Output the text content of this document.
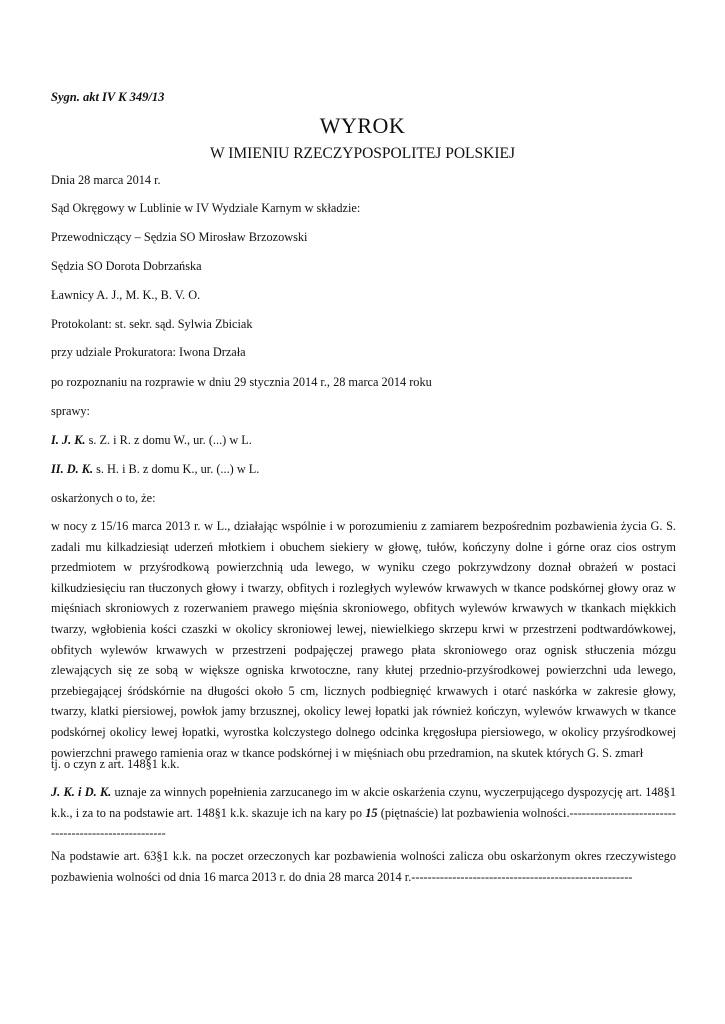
Sygn. akt IV K 349/13
WYROK
W IMIENIU RZECZYPOSPOLITEJ POLSKIEJ
Dnia 28 marca 2014 r.
Sąd Okręgowy w Lublinie w IV Wydziale Karnym w składzie:
Przewodniczący – Sędzia SO Mirosław Brzozowski
Sędzia SO Dorota Dobrzańska
Ławnicy A. J., M. K., B. V. O.
Protokolant: st. sekr. sąd. Sylwia Zbiciak
przy udziale Prokuratora: Iwona Drzała
po rozpoznaniu na rozprawie w dniu 29 stycznia 2014 r., 28 marca 2014 roku
sprawy:
I. J. K. s. Z. i R. z domu W., ur. (...) w L.
II. D. K. s. H. i B. z domu K., ur. (...) w L.
oskarżonych o to, że:
w nocy z 15/16 marca 2013 r. w L., działając wspólnie i w porozumieniu z zamiarem bezpośrednim pozbawienia życia G. S. zadali mu kilkadziesiąt uderzeń młotkiem i obuchem siekiery w głowę, tułów, kończyny dolne i górne oraz cios ostrym przedmiotem w przyśrodkową powierzchnią uda lewego, w wyniku czego pokrzywdzony doznał obrażeń w postaci kilkudziesięciu ran tłuczonych głowy i twarzy, obfitych i rozległych wylewów krwawych w tkance podskórnej głowy oraz w mięśniach skroniowych z rozerwaniem prawego mięśnia skroniowego, obfitych wylewów krwawych w tkankach miękkich twarzy, wgłobienia kości czaszki w okolicy skroniowej lewej, niewielkiego skrzepu krwi w przestrzeni podtwardówkowej, obfitych wylewów krwawych w przestrzeni podpajęczej prawego płata skroniowego oraz ognisk stłuczenia mózgu zlewających się ze sobą w większe ogniska krwotoczne, rany kłutej przednio-przyśrodkowej powierzchni uda lewego, przebiegającej śródskórnie na długości około 5 cm, licznych podbiegnięć krwawych i otarć naskórka w zakresie głowy, twarzy, klatki piersiowej, powłok jamy brzusznej, okolicy lewej łopatki jak również kończyn, wylewów krwawych w tkance podskórnej okolicy lewej łopatki, wyrostka kolczystego dolnego odcinka kręgosłupa piersiowego, w okolicy przyśrodkowej powierzchni prawego ramienia oraz w tkance podskórnej i w mięśniach obu przedramion, na skutek których G. S. zmarł
tj. o czyn z art. 148§1 k.k.
J. K. i D. K. uznaje za winnych popełnienia zarzucanego im w akcie oskarżenia czynu, wyczerpującego dyspozycję art. 148§1 k.k., i za to na podstawie art. 148§1 k.k. skazuje ich na kary po 15 (piętnaście) lat pozbawienia wolności.------------------------------------------------------
Na podstawie art. 63§1 k.k. na poczet orzeczonych kar pozbawienia wolności zalicza obu oskarżonym okres rzeczywistego pozbawienia wolności od dnia 16 marca 2013 r. do dnia 28 marca 2014 r.------------------------------------------------------
